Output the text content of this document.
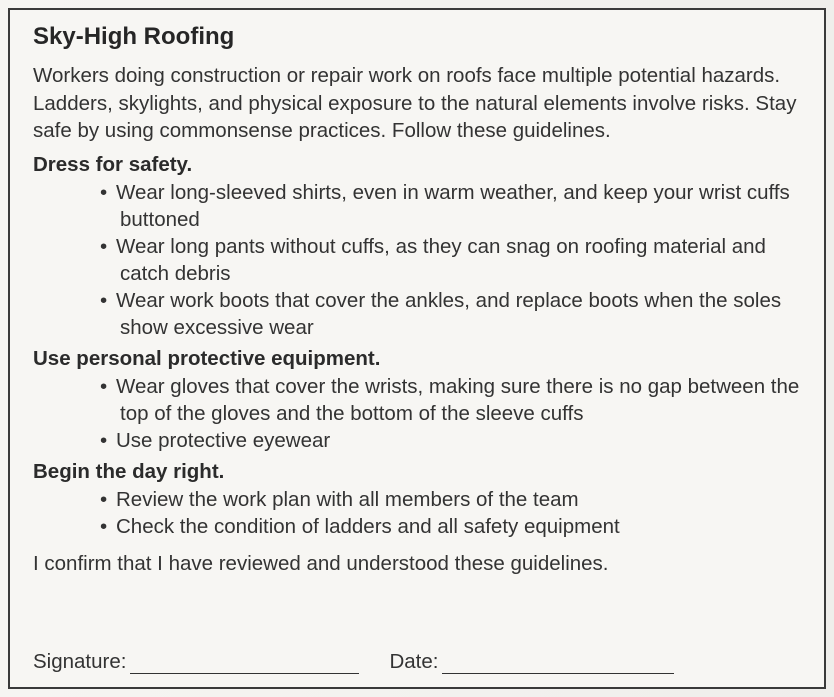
Sky-High Roofing

Workers doing construction or repair work on roofs face multiple potential hazards. Ladders, skylights, and physical exposure to the natural elements involve risks. Stay safe by using commonsense practices. Follow these guidelines.

Dress for safety.
• Wear long-sleeved shirts, even in warm weather, and keep your wrist cuffs buttoned
• Wear long pants without cuffs, as they can snag on roofing material and catch debris
• Wear work boots that cover the ankles, and replace boots when the soles show excessive wear
Use personal protective equipment.
• Wear gloves that cover the wrists, making sure there is no gap between the top of the gloves and the bottom of the sleeve cuffs
• Use protective eyewear
Begin the day right.
• Review the work plan with all members of the team
• Check the condition of ladders and all safety equipment

I confirm that I have reviewed and understood these guidelines.

Signature:	Date:
